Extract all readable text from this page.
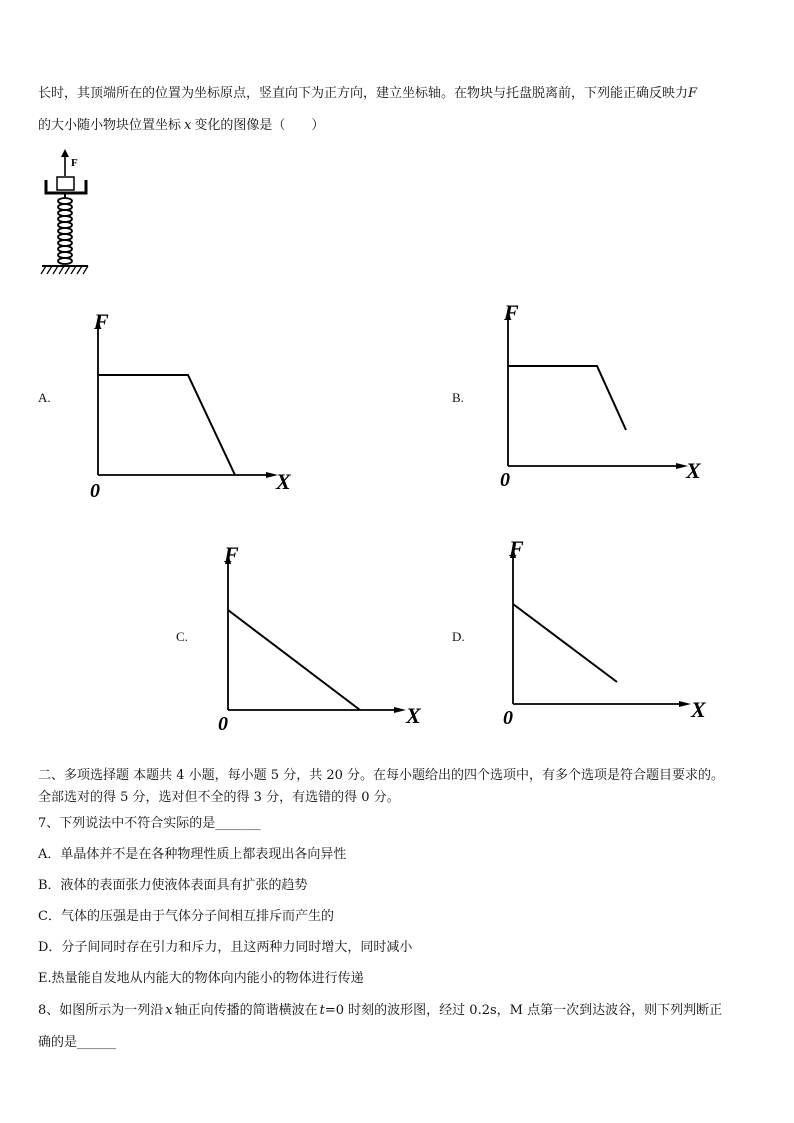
长时，其顶端所在的位置为坐标原点，竖直向下为正方向，建立坐标轴。在物块与托盘脱离前，下列能正确反映力F
的大小随小物块位置坐标 x 变化的图像是（　　）
F
A.
F
X
0
B.
F
X
0
C.
F
X
0
D.
F
X
0
二、多项选择题 本题共 4 小题，每小题 5 分，共 20 分。在每小题给出的四个选项中，有多个选项是符合题目要求的。
全部选对的得 5 分，选对但不全的得 3 分，有选错的得 0 分。
7、下列说法中不符合实际的是_______
A．单晶体并不是在各种物理性质上都表现出各向异性
B．液体的表面张力使液体表面具有扩张的趋势
C．气体的压强是由于气体分子间相互排斥而产生的
D．分子间同时存在引力和斥力，且这两种力同时增大，同时减小
E.热量能自发地从内能大的物体向内能小的物体进行传递
8、如图所示为一列沿 x 轴正向传播的简谐横波在 t=0 时刻的波形图，经过 0.2s，M 点第一次到达波谷，则下列判断正
确的是______
